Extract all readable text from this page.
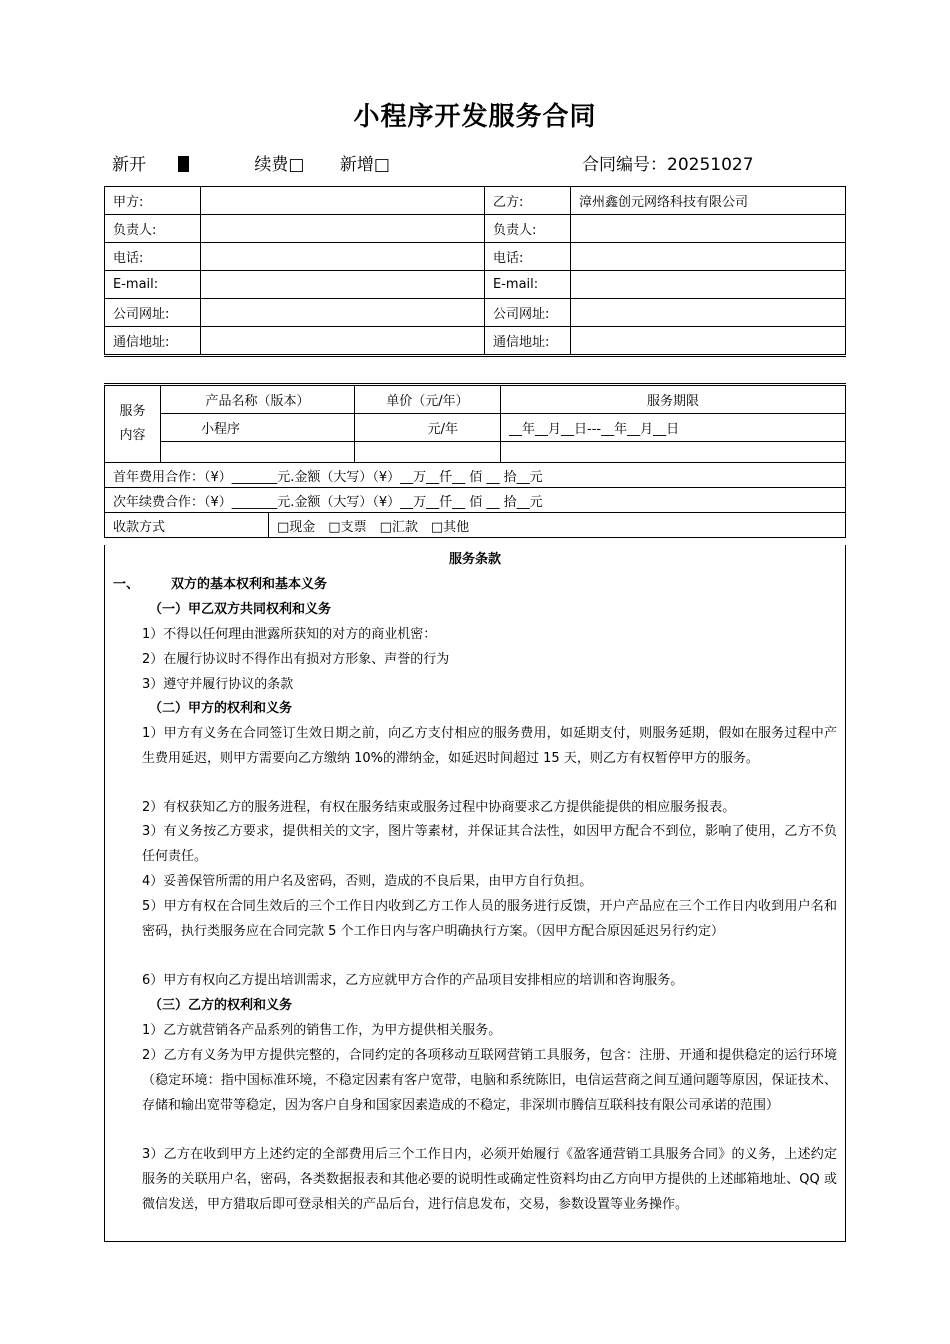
小程序开发服务合同
新开	续费□ 新增□	合同编号：20251027
甲方:		乙方:	漳州鑫创元网络科技有限公司
负责人:		负责人:	
电话:		电话:	
E-mail:		E-mail:	
公司网址:		公司网址:	
通信地址:		通信地址:	
服务内容	产品名称（版本）		单价（元/年）	服务期限
	小程序		元/年	__年__月__日---__年__月__日

首年费用合作：（¥）_______元.金额（大写）（¥）__万__仟__ 佰 __ 拾__元				
次年续费合作：（¥）_______元.金额（大写）（¥）__万__仟__ 佰 __ 拾__元				
收款方式		□现金　□支票　□汇款　□其他		
服务条款
一、 双方的基本权利和基本义务
（一）甲乙双方共同权利和义务
1）不得以任何理由泄露所获知的对方的商业机密：
2）在履行协议时不得作出有损对方形象、声誉的行为
3）遵守并履行协议的条款
（二）甲方的权利和义务
1）甲方有义务在合同签订生效日期之前，向乙方支付相应的服务费用，如延期支付，则服务延期，假如在服务过程中产生费用延迟，则甲方需要向乙方缴纳 10%的滞纳金，如延迟时间超过 15 天，则乙方有权暂停甲方的服务。
2）有权获知乙方的服务进程，有权在服务结束或服务过程中协商要求乙方提供能提供的相应服务报表。
3）有义务按乙方要求，提供相关的文字，图片等素材，并保证其合法性，如因甲方配合不到位，影响了使用，乙方不负任何责任。
4）妥善保管所需的用户名及密码，否则，造成的不良后果，由甲方自行负担。
5）甲方有权在合同生效后的三个工作日内收到乙方工作人员的服务进行反馈，开户产品应在三个工作日内收到用户名和密码，执行类服务应在合同完款 5 个工作日内与客户明确执行方案。（因甲方配合原因延迟另行约定）
6）甲方有权向乙方提出培训需求，乙方应就甲方合作的产品项目安排相应的培训和咨询服务。
（三）乙方的权利和义务
1）乙方就营销各产品系列的销售工作，为甲方提供相关服务。
2）乙方有义务为甲方提供完整的，合同约定的各项移动互联网营销工具服务，包含：注册、开通和提供稳定的运行环境（稳定环境：指中国标准环境，不稳定因素有客户宽带，电脑和系统陈旧，电信运营商之间互通问题等原因，保证技术、存储和输出宽带等稳定，因为客户自身和国家因素造成的不稳定，非深圳市腾信互联科技有限公司承诺的范围）
3）乙方在收到甲方上述约定的全部费用后三个工作日内，必须开始履行《盈客通营销工具服务合同》的义务，上述约定服务的关联用户名，密码，各类数据报表和其他必要的说明性或确定性资料均由乙方向甲方提供的上述邮箱地址、QQ 或微信发送，甲方猎取后即可登录相关的产品后台，进行信息发布，交易，参数设置等业务操作。
